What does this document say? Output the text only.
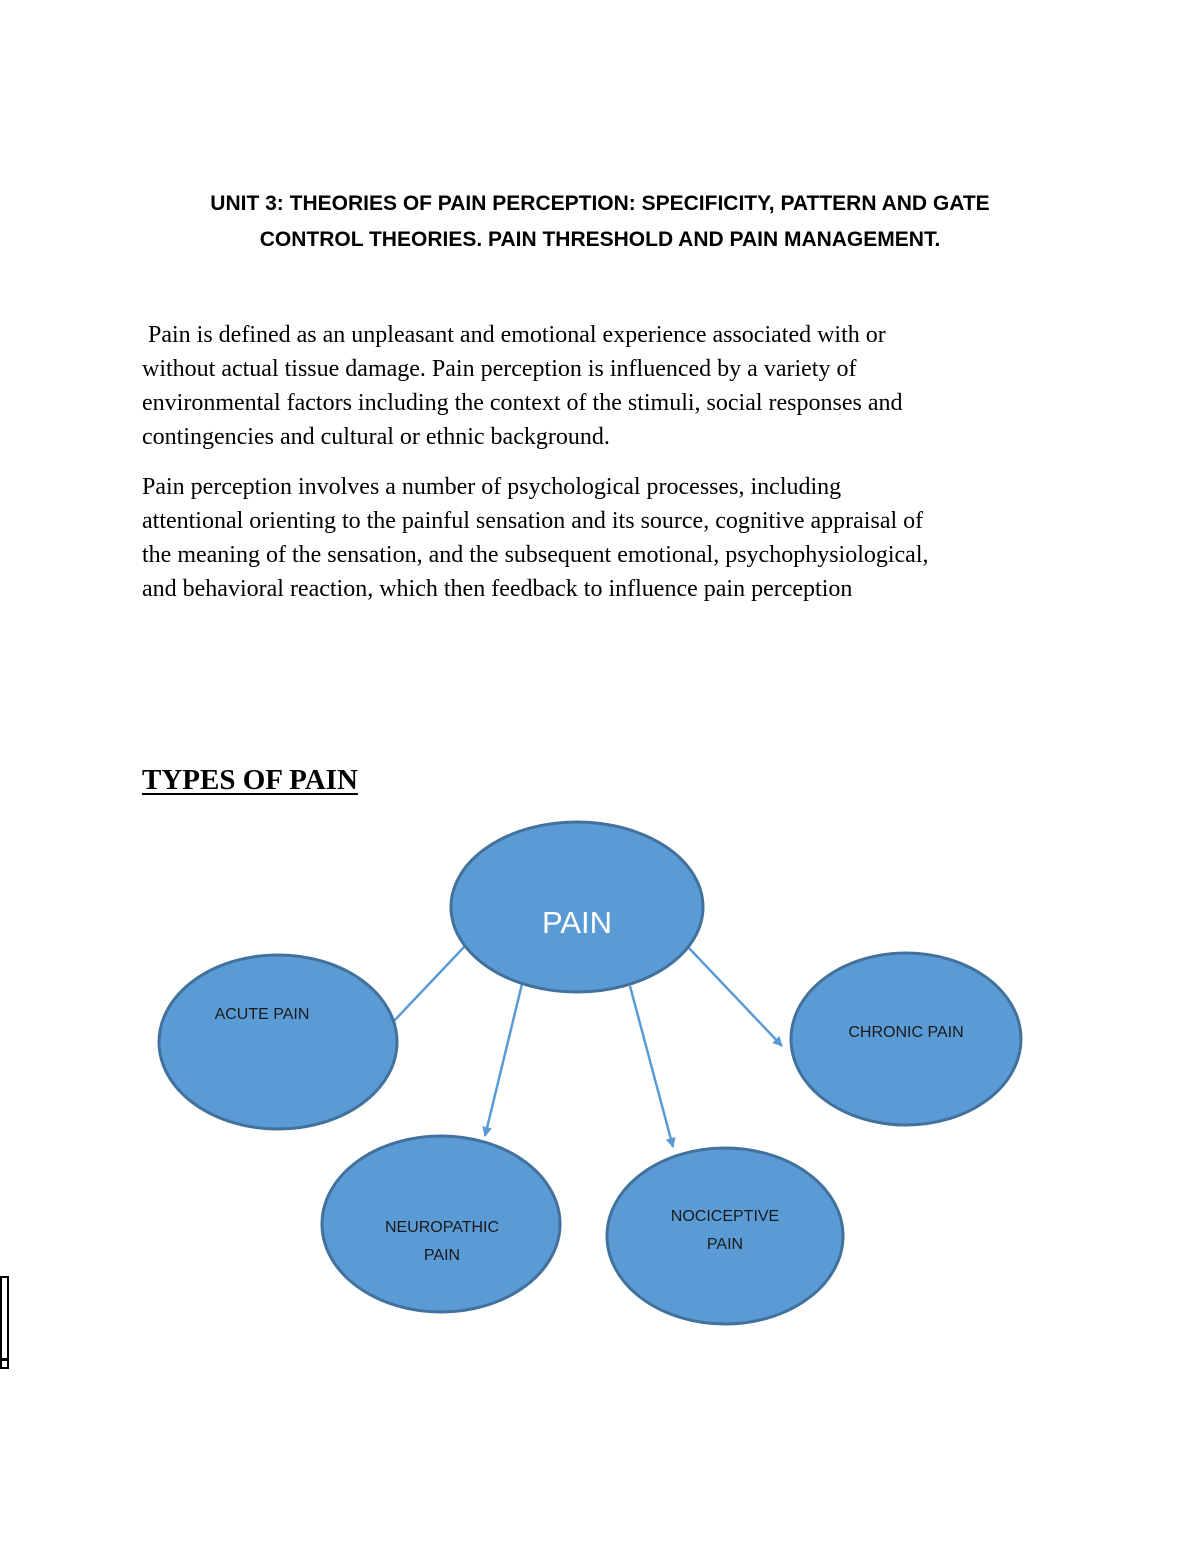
UNIT 3: THEORIES OF PAIN PERCEPTION: SPECIFICITY, PATTERN AND GATE
CONTROL THEORIES. PAIN THRESHOLD AND PAIN MANAGEMENT.
Pain is defined as an unpleasant and emotional experience associated with or
without actual tissue damage. Pain perception is influenced by a variety of
environmental factors including the context of the stimuli, social responses and
contingencies and cultural or ethnic background.
Pain perception involves a number of psychological processes, including
attentional orienting to the painful sensation and its source, cognitive appraisal of
the meaning of the sensation, and the subsequent emotional, psychophysiological,
and behavioral reaction, which then feedback to influence pain perception
TYPES OF PAIN
PAIN
ACUTE PAIN
CHRONIC PAIN
NEUROPATHIC
PAIN
NOCICEPTIVE
PAIN
